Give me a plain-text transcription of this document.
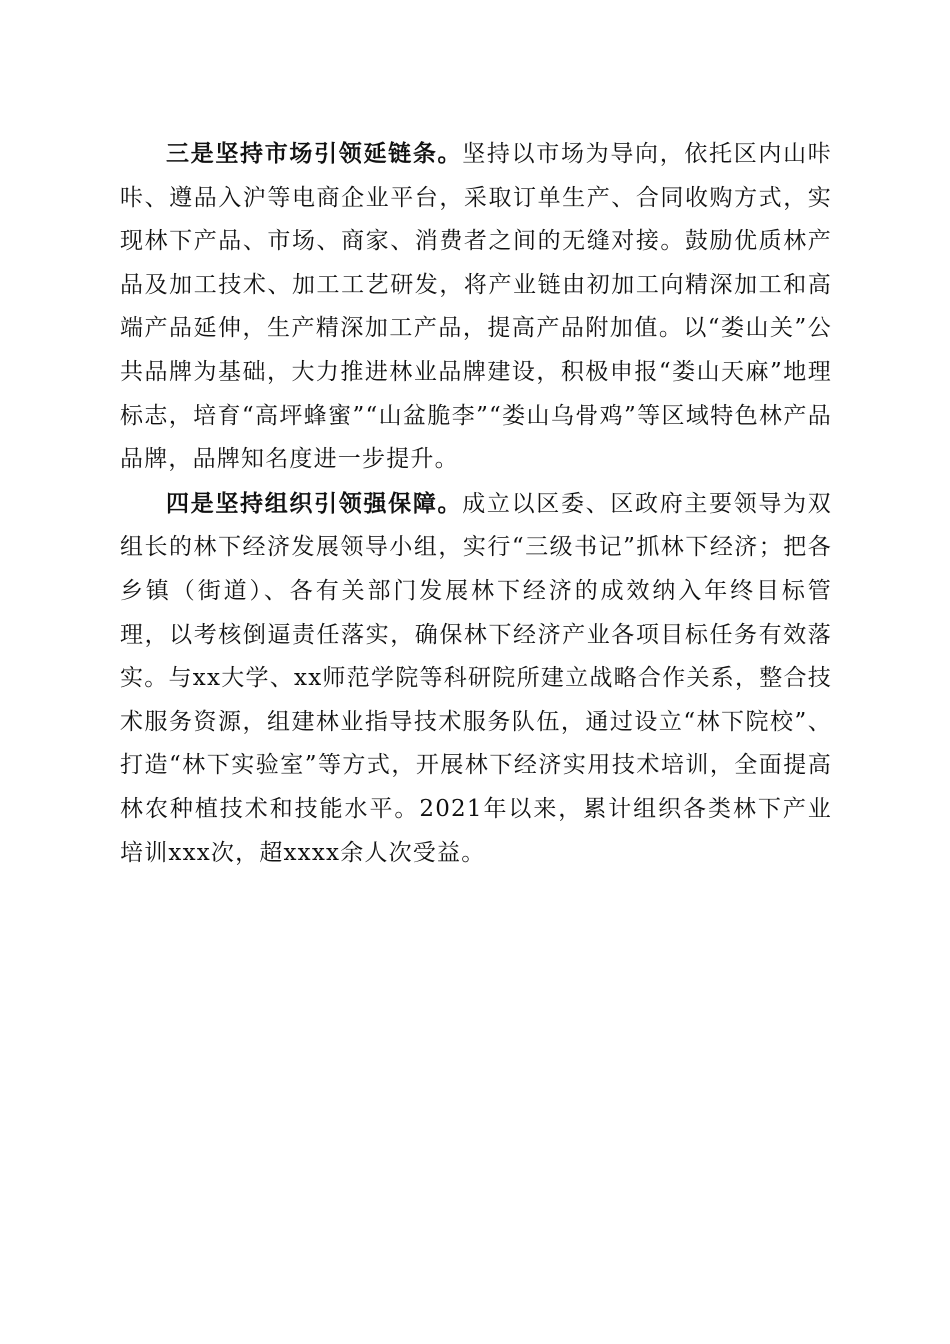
三是坚持市场引领延链条。坚持以市场为导向，依托区内山咔咔、遵品入沪等电商企业平台，采取订单生产、合同收购方式，实现林下产品、市场、商家、消费者之间的无缝对接。鼓励优质林产品及加工技术、加工工艺研发，将产业链由初加工向精深加工和高端产品延伸，生产精深加工产品，提高产品附加值。以“娄山关”公共品牌为基础，大力推进林业品牌建设，积极申报“娄山天麻”地理标志，培育“高坪蜂蜜”“山盆脆李”“娄山乌骨鸡”等区域特色林产品品牌，品牌知名度进一步提升。

四是坚持组织引领强保障。成立以区委、区政府主要领导为双组长的林下经济发展领导小组，实行“三级书记”抓林下经济；把各乡镇（街道）、各有关部门发展林下经济的成效纳入年终目标管理，以考核倒逼责任落实，确保林下经济产业各项目标任务有效落实。与xx大学、xx师范学院等科研院所建立战略合作关系，整合技术服务资源，组建林业指导技术服务队伍，通过设立“林下院校”、打造“林下实验室”等方式，开展林下经济实用技术培训，全面提高林农种植技术和技能水平。2021年以来，累计组织各类林下产业培训xxx次，超xxxx余人次受益。
